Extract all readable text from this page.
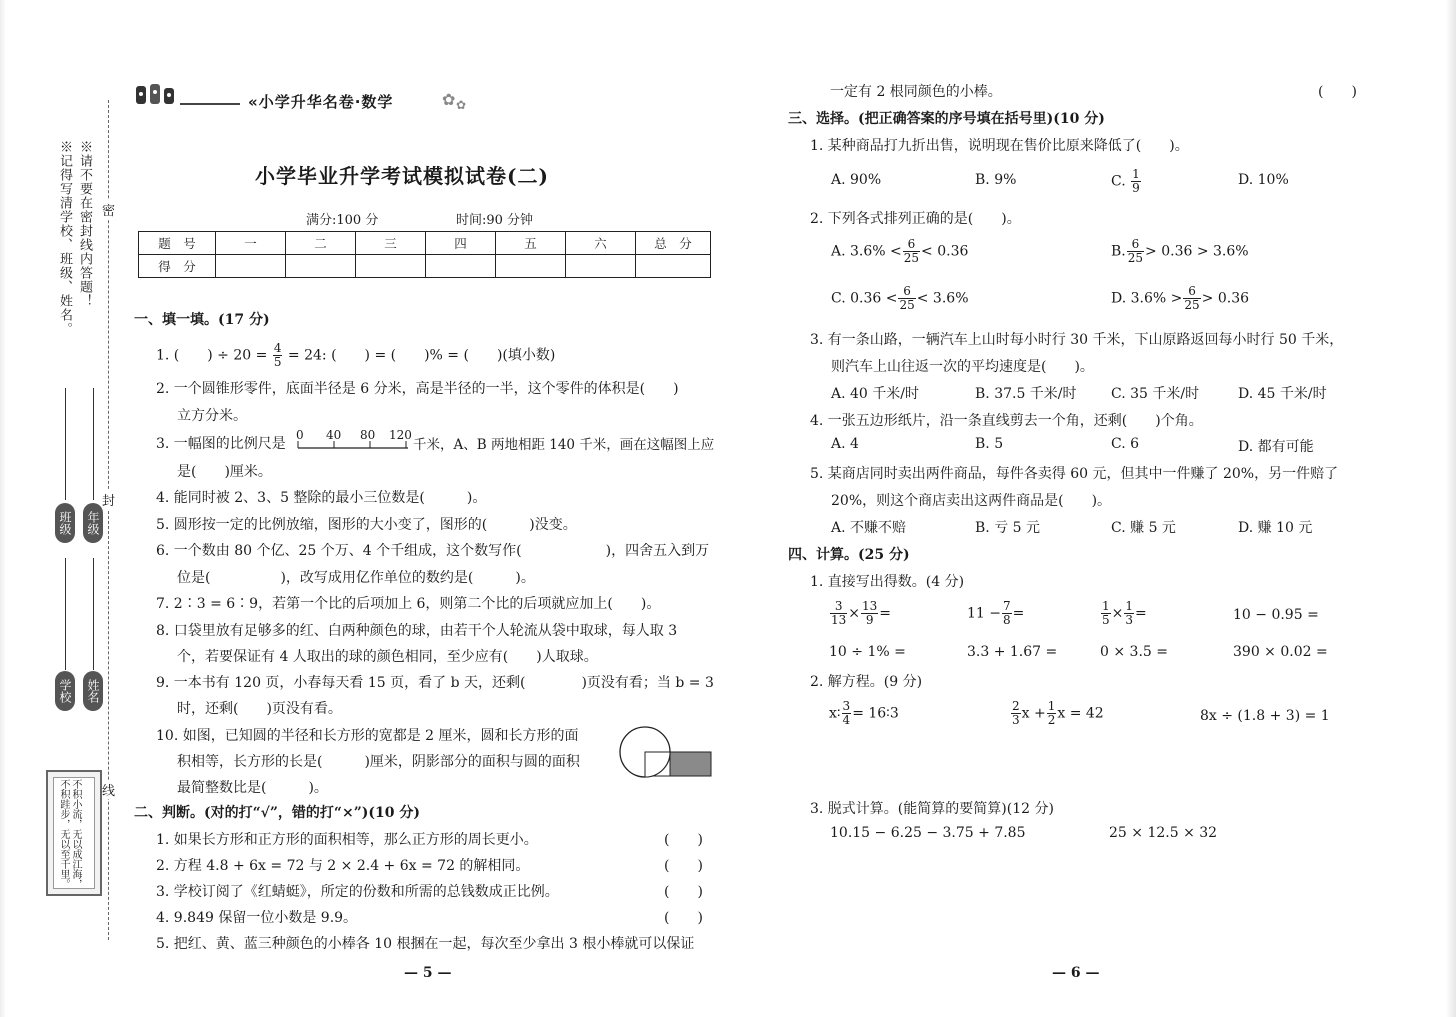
※记得写清学校、班级、姓名。 ※请不要在密封线内答题！ 密
封
线
班级 年级
学校 姓名
不积小流，无以成江海，不积跬步，无以至千里。
«小学升华名卷·数学	✿ ✿
小学毕业升学考试模拟试卷(二)
满分:100 分	时间:90 分钟
题　号	一	二	三	四	五	六	总　分
得　分							
一、填一填。(17 分)
1. (　　) ÷ $20 = \frac{4}{5} = 24$: (　　) = (　　)% = (　　)(填小数)
2. 一个圆锥形零件，底面半径是 6 分米，高是半径的一半，这个零件的体积是(　　)
立方分米。
3. 一幅图的比例尺是
0 40 80 120
千米，A、B 两地相距 140 千米，画在这幅图上应
是(　　)厘米。
4. 能同时被 2、3、5 整除的最小三位数是(　　　)。
5. 圆形按一定的比例放缩，图形的大小变了，图形的(　　　)没变。
6. 一个数由 80 个亿、25 个万、4 个千组成，这个数写作(　　　　　　)，四舍五入到万
位是(　　　　　)，改写成用亿作单位的数约是(　　　)。
7. 2∶3 = 6∶9，若第一个比的后项加上 6，则第二个比的后项就应加上(　　)。
8. 口袋里放有足够多的红、白两种颜色的球，由若干个人轮流从袋中取球，每人取 3
个，若要保证有 4 人取出的球的颜色相同，至少应有(　　)人取球。
9. 一本书有 120 页，小春每天看 15 页，看了 b 天，还剩(　　　　)页没有看；当 b = 3
时，还剩(　　)页没有看。
10. 如图，已知圆的半径和长方形的宽都是 2 厘米，圆和长方形的面
积相等，长方形的长是(　　　)厘米，阴影部分的面积与圆的面积
最简整数比是(　　　)。
二、判断。(对的打“√”，错的打“×”)(10 分)
1. 如果长方形和正方形的面积相等，那么正方形的周长更小。	(　　)
2. 方程 4.8 + 6x = 72 与 2 × 2.4 + 6x = 72 的解相同。	(　　)
3. 学校订阅了《红蜻蜓》，所定的份数和所需的总钱数成正比例。	(　　)
4. 9.849 保留一位小数是 9.9。	(　　)
5. 把红、黄、蓝三种颜色的小棒各 10 根捆在一起，每次至少拿出 3 根小棒就可以保证
— 5 —
一定有 2 根同颜色的小棒。	(　　)
三、选择。(把正确答案的序号填在括号里)(10 分)
1. 某种商品打九折出售，说明现在售价比原来降低了(　　)。
A. 90%	B. 9%	C. $\frac{1}{9}$	D. 10%
2. 下列各式排列正确的是(　　)。
A. $3.6\% < \frac{6}{25} < 0.36$	B. $\frac{6}{25} > 0.36 > 3.6\%$
C. $0.36 < \frac{6}{25} < 3.6\%$	D. $3.6\% > \frac{6}{25} > 0.36$
3. 有一条山路，一辆汽车上山时每小时行 30 千米，下山原路返回每小时行 50 千米，
则汽车上山往返一次的平均速度是(　　)。
A. 40 千米/时	B. 37.5 千米/时 C. 35 千米/时	D. 45 千米/时
4. 一张五边形纸片，沿一条直线剪去一个角，还剩(　　)个角。
A. 4	B. 5	C. 6	D. 都有可能
5. 某商店同时卖出两件商品，每件各卖得 60 元，但其中一件赚了 20%，另一件赔了
20%，则这个商店卖出这两件商品是(　　)。
A. 不赚不赔	B. 亏 5 元	C. 赚 5 元	D. 赚 10 元
四、计算。(25 分)
1. 直接写出得数。(4 分)
$\frac{3}{13} \times \frac{13}{9}$ =	$11 - \frac{7}{8}$ =	$\frac{1}{5} \times \frac{1}{3}$ =	10 − 0.95 =
10 ÷ 1% =	3.3 + 1.67 =	0 × 3.5 =	390 × 0.02 =
2. 解方程。(9 分)
x∶ $\frac{3}{4}$ = 16∶3	$\frac{2}{3}$ $x + \frac{1}{2}$ x = 42	8x ÷ (1.8 + 3) = 1
3. 脱式计算。(能简算的要简算)(12 分)
10.15 − 6.25 − 3.75 + 7.85	25 × 12.5 × 32
— 6 —
